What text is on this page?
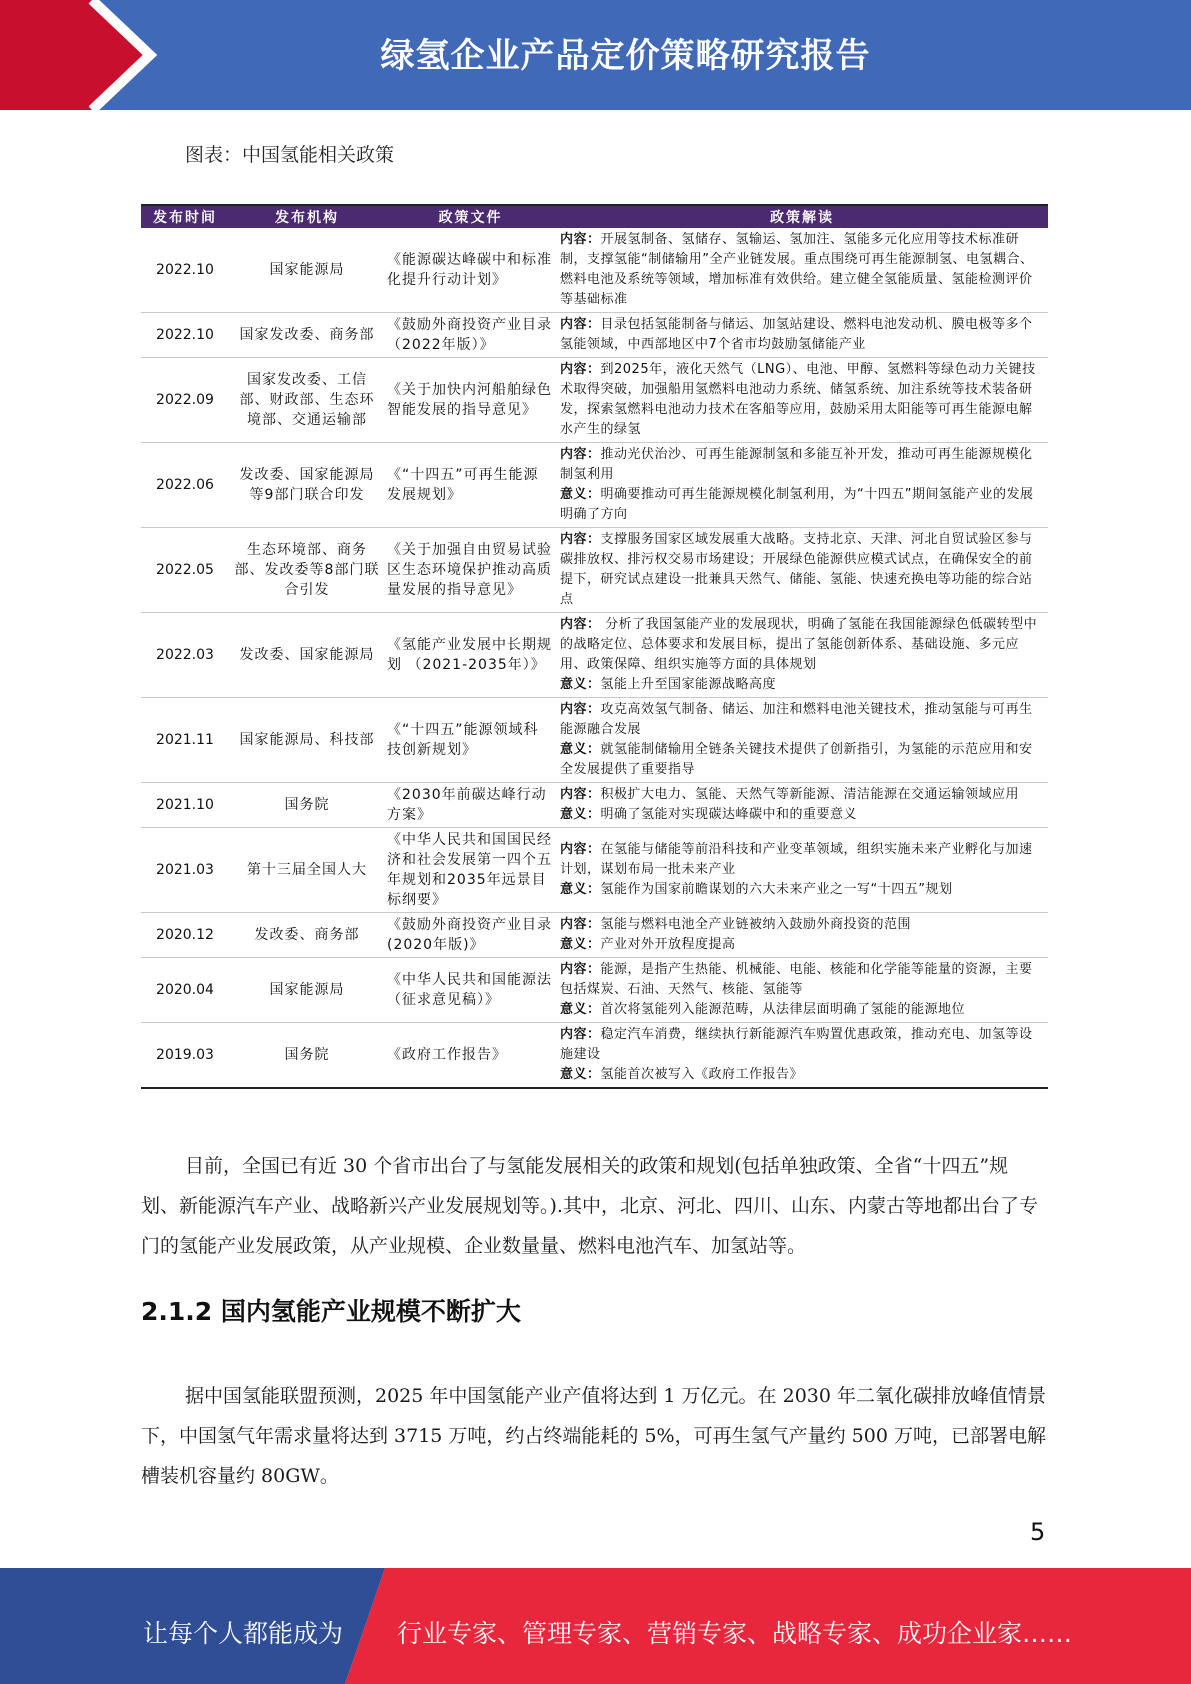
绿氢企业产品定价策略研究报告
图表：中国氢能相关政策
发布时间	发布机构	政策文件	政策解读
2022.10	国家能源局	《能源碳达峰碳中和标准化提升行动计划》	内容：开展氢制备、氢储存、氢输运、氢加注、氢能多元化应用等技术标准研制，支撑氢能“制储输用”全产业链发展。重点围绕可再生能源制氢、电氢耦合、燃料电池及系统等领域，增加标准有效供给。建立健全氢能质量、氢能检测评价等基础标准

2022.10	国家发改委、商务部	《鼓励外商投资产业目录（2022年版）》	内容：目录包括氢能制备与储运、加氢站建设、燃料电池发动机、膜电极等多个氢能领域，中西部地区中7个省市均鼓励氢储能产业

2022.09	国家发改委、工信部、财政部、生态环境部、交通运输部	《关于加快内河船舶绿色智能发展的指导意见》	内容：到2025年，液化天然气（LNG）、电池、甲醇、氢燃料等绿色动力关键技术取得突破，加强船用氢燃料电池动力系统、储氢系统、加注系统等技术装备研发，探索氢燃料电池动力技术在客船等应用，鼓励采用太阳能等可再生能源电解水产生的绿氢

2022.06	发改委、国家能源局等9部门联合印发	《“十四五”可再生能源发展规划》	内容：推动光伏治沙、可再生能源制氢和多能互补开发，推动可再生能源规模化制氢利用
意义：明确要推动可再生能源规模化制氢利用，为“十四五”期间氢能产业的发展明确了方向

2022.05	生态环境部、商务部、发改委等8部门联合引发	《关于加强自由贸易试验区生态环境保护推动高质量发展的指导意见》	内容：支撑服务国家区域发展重大战略。支持北京、天津、河北自贸试验区参与碳排放权、排污权交易市场建设；开展绿色能源供应模式试点，在确保安全的前提下，研究试点建设一批兼具天然气、储能、氢能、快速充换电等功能的综合站点

2022.03	发改委、国家能源局	《氢能产业发展中长期规划 （2021-2035年）》	内容： 分析了我国氢能产业的发展现状，明确了氢能在我国能源绿色低碳转型中的战略定位、总体要求和发展目标，提出了氢能创新体系、基础设施、多元应用、政策保障、组织实施等方面的具体规划
意义：氢能上升至国家能源战略高度

2021.11	国家能源局、科技部	《“十四五”能源领域科技创新规划》	内容：攻克高效氢气制备、储运、加注和燃料电池关键技术，推动氢能与可再生能源融合发展
意义：就氢能制储输用全链条关键技术提供了创新指引，为氢能的示范应用和安全发展提供了重要指导

2021.10	国务院	《2030年前碳达峰行动方案》	内容：积极扩大电力、氢能、天然气等新能源、清洁能源在交通运输领域应用
意义：明确了氢能对实现碳达峰碳中和的重要意义

2021.03	第十三届全国人大	《中华人民共和国国民经济和社会发展第一四个五年规划和2035年远景目标纲要》	内容：在氢能与储能等前沿科技和产业变革领域，组织实施未来产业孵化与加速计划，谋划布局一批未来产业
意义：氢能作为国家前瞻谋划的六大未来产业之一写“十四五”规划

2020.12	发改委、商务部	《鼓励外商投资产业目录(2020年版)》	内容：氢能与燃料电池全产业链被纳入鼓励外商投资的范围
意义：产业对外开放程度提高

2020.04	国家能源局	《中华人民共和国能源法（征求意见稿）》	内容：能源，是指产生热能、机械能、电能、核能和化学能等能量的资源，主要包括煤炭、石油、天然气、核能、氢能等
意义：首次将氢能列入能源范畴，从法律层面明确了氢能的能源地位

2019.03	国务院	《政府工作报告》	内容：稳定汽车消费，继续执行新能源汽车购置优惠政策，推动充电、加氢等设施建设
意义：氢能首次被写入《政府工作报告》
目前，全国已有近 30 个省市出台了与氢能发展相关的政策和规划(包括单独政策、全省“十四五”规划、新能源汽车产业、战略新兴产业发展规划等。).其中，北京、河北、四川、山东、内蒙古等地都出台了专门的氢能产业发展政策，从产业规模、企业数量量、燃料电池汽车、加氢站等。
2.1.2 国内氢能产业规模不断扩大
据中国氢能联盟预测，2025 年中国氢能产业产值将达到 1 万亿元。在 2030 年二氧化碳排放峰值情景下，中国氢气年需求量将达到 3715 万吨，约占终端能耗的 5%，可再生氢气产量约 500 万吨，已部署电解槽装机容量约 80GW。
5
让每个人都能成为 行业专家、管理专家、营销专家、战略专家、成功企业家……
